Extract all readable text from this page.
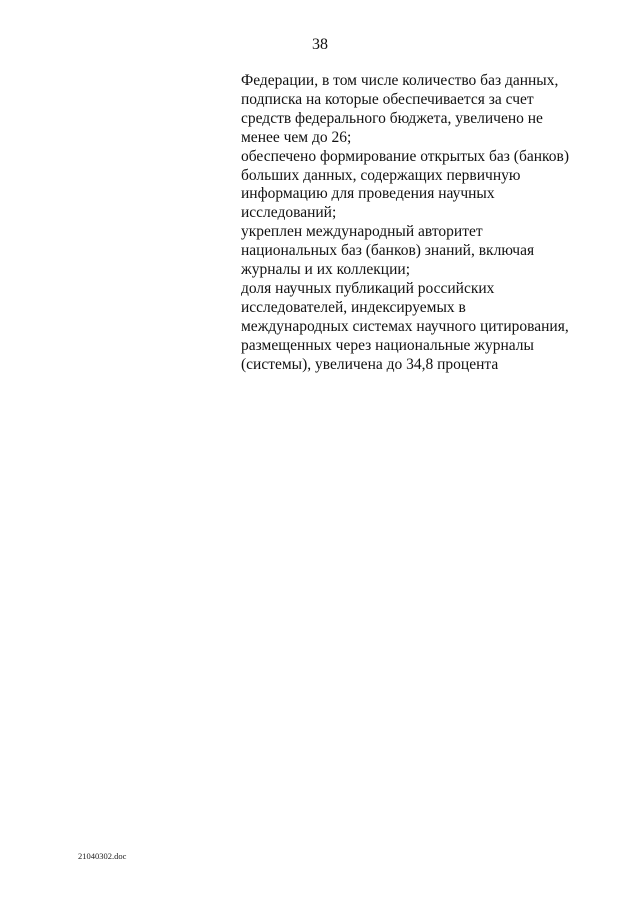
38
Федерации, в том числе количество баз данных,
подписка на которые обеспечивается за счет
средств федерального бюджета, увеличено не
менее чем до 26;
обеспечено формирование открытых баз (банков)
больших данных, содержащих первичную
информацию для проведения научных
исследований;
укреплен международный авторитет
национальных баз (банков) знаний, включая
журналы и их коллекции;
доля научных публикаций российских
исследователей, индексируемых в
международных системах научного цитирования,
размещенных через национальные журналы
(системы), увеличена до 34,8 процента
21040302.doc
